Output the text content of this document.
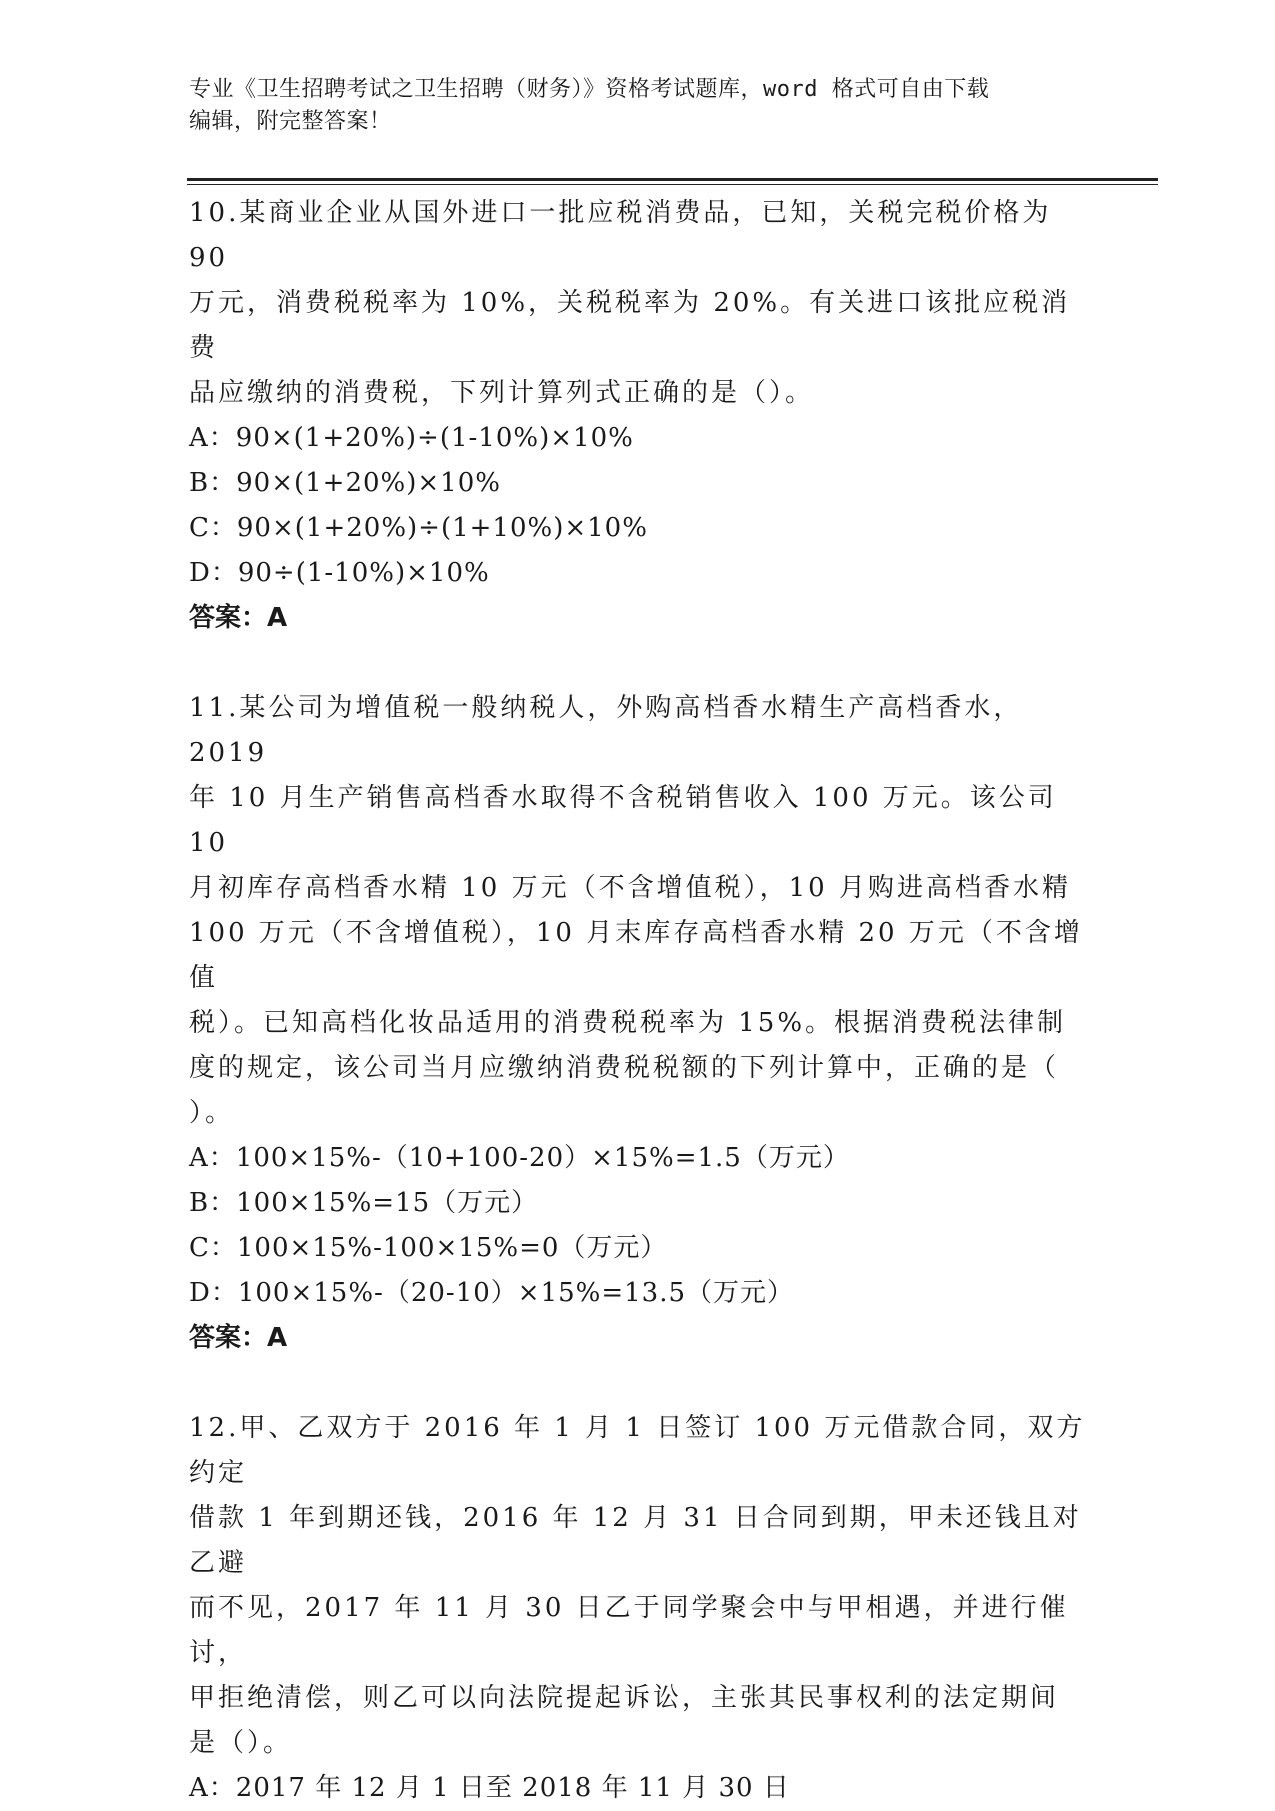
专业《卫生招聘考试之卫生招聘（财务）》资格考试题库，word 格式可自由下载
编辑，附完整答案！

10.某商业企业从国外进口一批应税消费品，已知，关税完税价格为 90

万元，消费税税率为 10%，关税税率为 20%。有关进口该批应税消费

品应缴纳的消费税，下列计算列式正确的是（）。

A：90×(1+20%)÷(1-10%)×10%

B：90×(1+20%)×10%

C：90×(1+20%)÷(1+10%)×10%

D：90÷(1-10%)×10%

答案：A

11.某公司为增值税一般纳税人，外购高档香水精生产高档香水，2019

年 10 月生产销售高档香水取得不含税销售收入 100 万元。该公司 10

月初库存高档香水精 10 万元（不含增值税），10 月购进高档香水精

100 万元（不含增值税），10 月末库存高档香水精 20 万元（不含增值

税）。已知高档化妆品适用的消费税税率为 15%。根据消费税法律制

度的规定，该公司当月应缴纳消费税税额的下列计算中，正确的是（

）。

A：100×15%-（10+100-20）×15%=1.5（万元）

B：100×15%=15（万元）

C：100×15%-100×15%=0（万元）

D：100×15%-（20-10）×15%=13.5（万元）

答案：A

12.甲、乙双方于 2016 年 1 月 1 日签订 100 万元借款合同，双方约定

借款 1 年到期还钱，2016 年 12 月 31 日合同到期，甲未还钱且对乙避

而不见，2017 年 11 月 30 日乙于同学聚会中与甲相遇，并进行催讨，

甲拒绝清偿，则乙可以向法院提起诉讼，主张其民事权利的法定期间

是（）。

A：2017 年 12 月 1 日至 2018 年 11 月 30 日
